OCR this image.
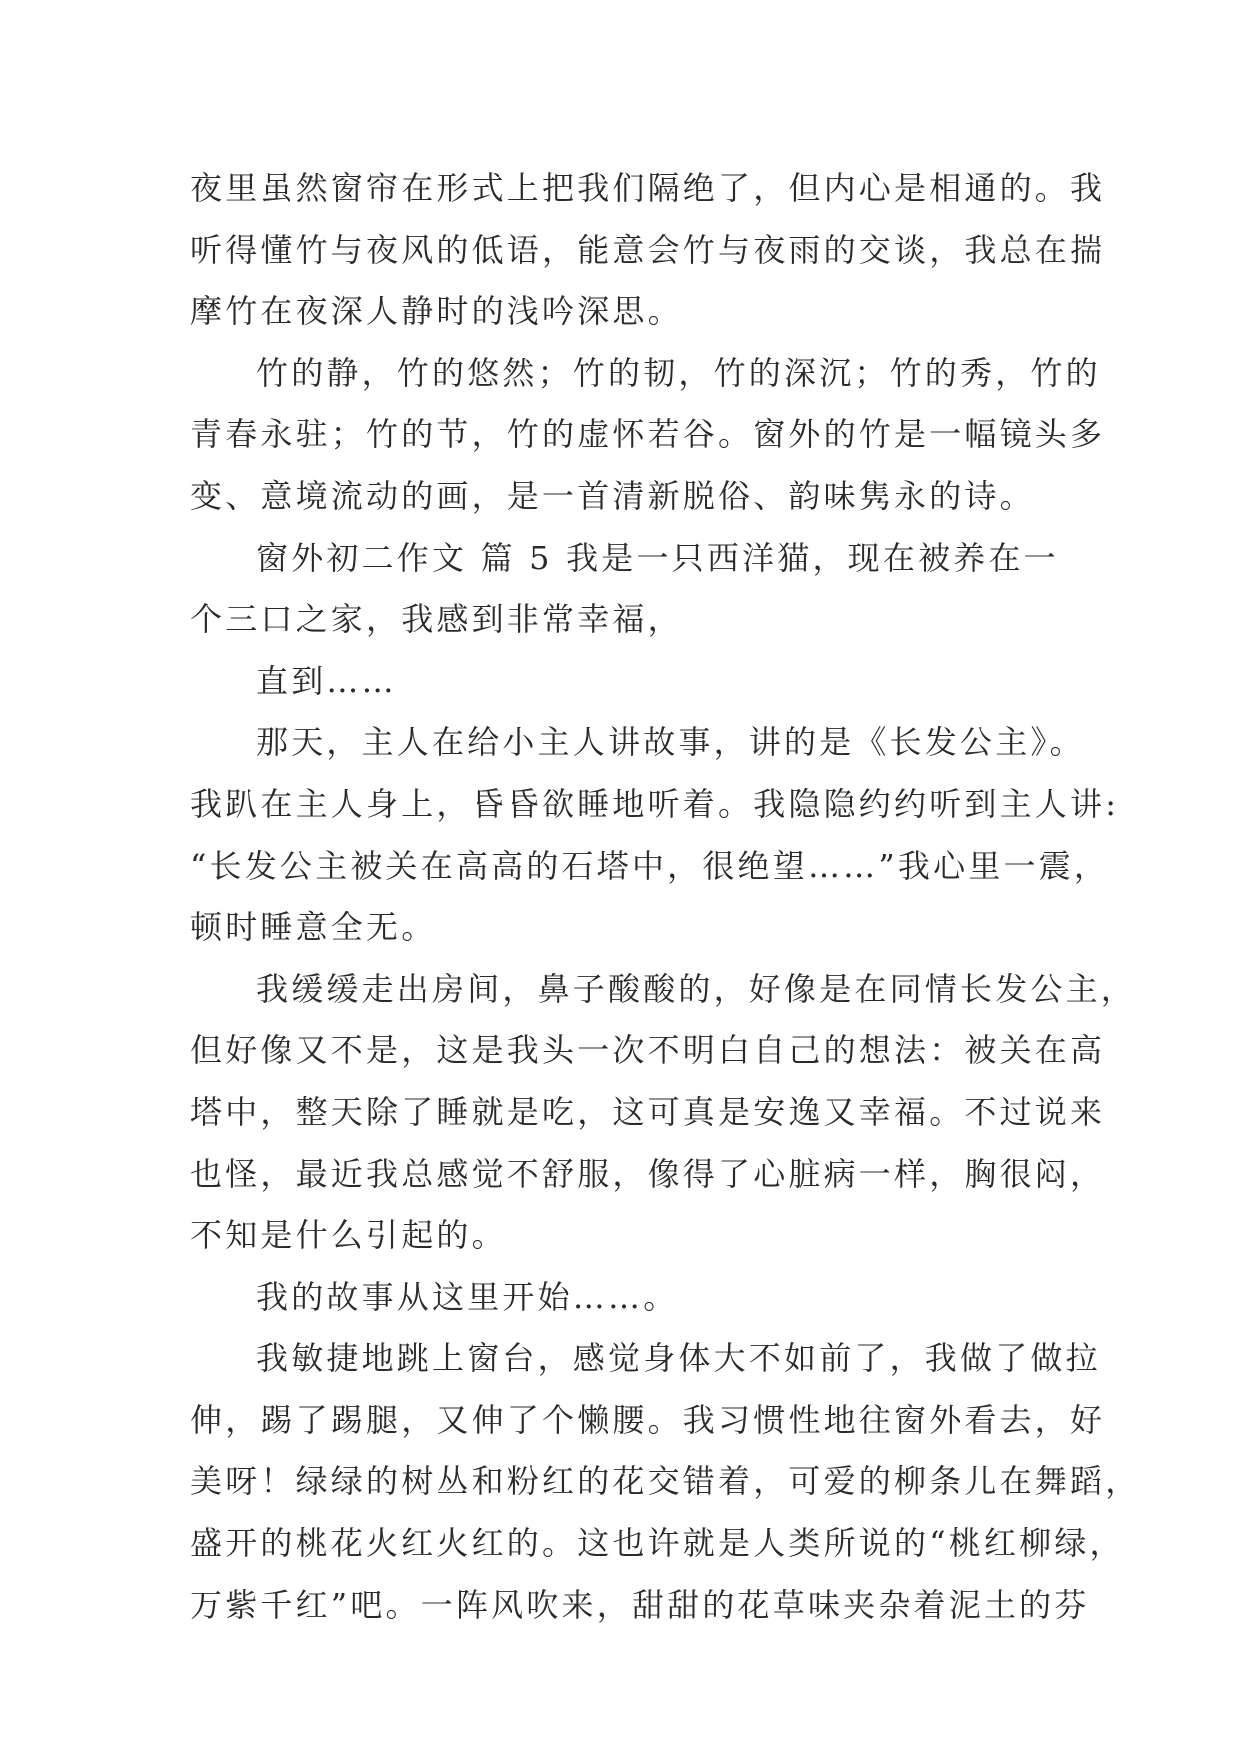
夜里虽然窗帘在形式上把我们隔绝了，但内心是相通的。我
听得懂竹与夜风的低语，能意会竹与夜雨的交谈，我总在揣
摩竹在夜深人静时的浅吟深思。
竹的静，竹的悠然；竹的韧，竹的深沉；竹的秀，竹的
青春永驻；竹的节，竹的虚怀若谷。窗外的竹是一幅镜头多
变、意境流动的画，是一首清新脱俗、韵味隽永的诗。
窗外初二作文 篇 5 我是一只西洋猫，现在被养在一
个三口之家，我感到非常幸福，
直到……
那天，主人在给小主人讲故事，讲的是《长发公主》。
我趴在主人身上，昏昏欲睡地听着。我隐隐约约听到主人讲:
“长发公主被关在高高的石塔中，很绝望……”我心里一震，
顿时睡意全无。
我缓缓走出房间，鼻子酸酸的，好像是在同情长发公主，
但好像又不是，这是我头一次不明白自己的想法：被关在高
塔中，整天除了睡就是吃，这可真是安逸又幸福。不过说来
也怪，最近我总感觉不舒服，像得了心脏病一样，胸很闷，
不知是什么引起的。
我的故事从这里开始……。
我敏捷地跳上窗台，感觉身体大不如前了，我做了做拉
伸，踢了踢腿，又伸了个懒腰。我习惯性地往窗外看去，好
美呀！绿绿的树丛和粉红的花交错着，可爱的柳条儿在舞蹈，
盛开的桃花火红火红的。这也许就是人类所说的“桃红柳绿，
万紫千红”吧。一阵风吹来，甜甜的花草味夹杂着泥土的芬
